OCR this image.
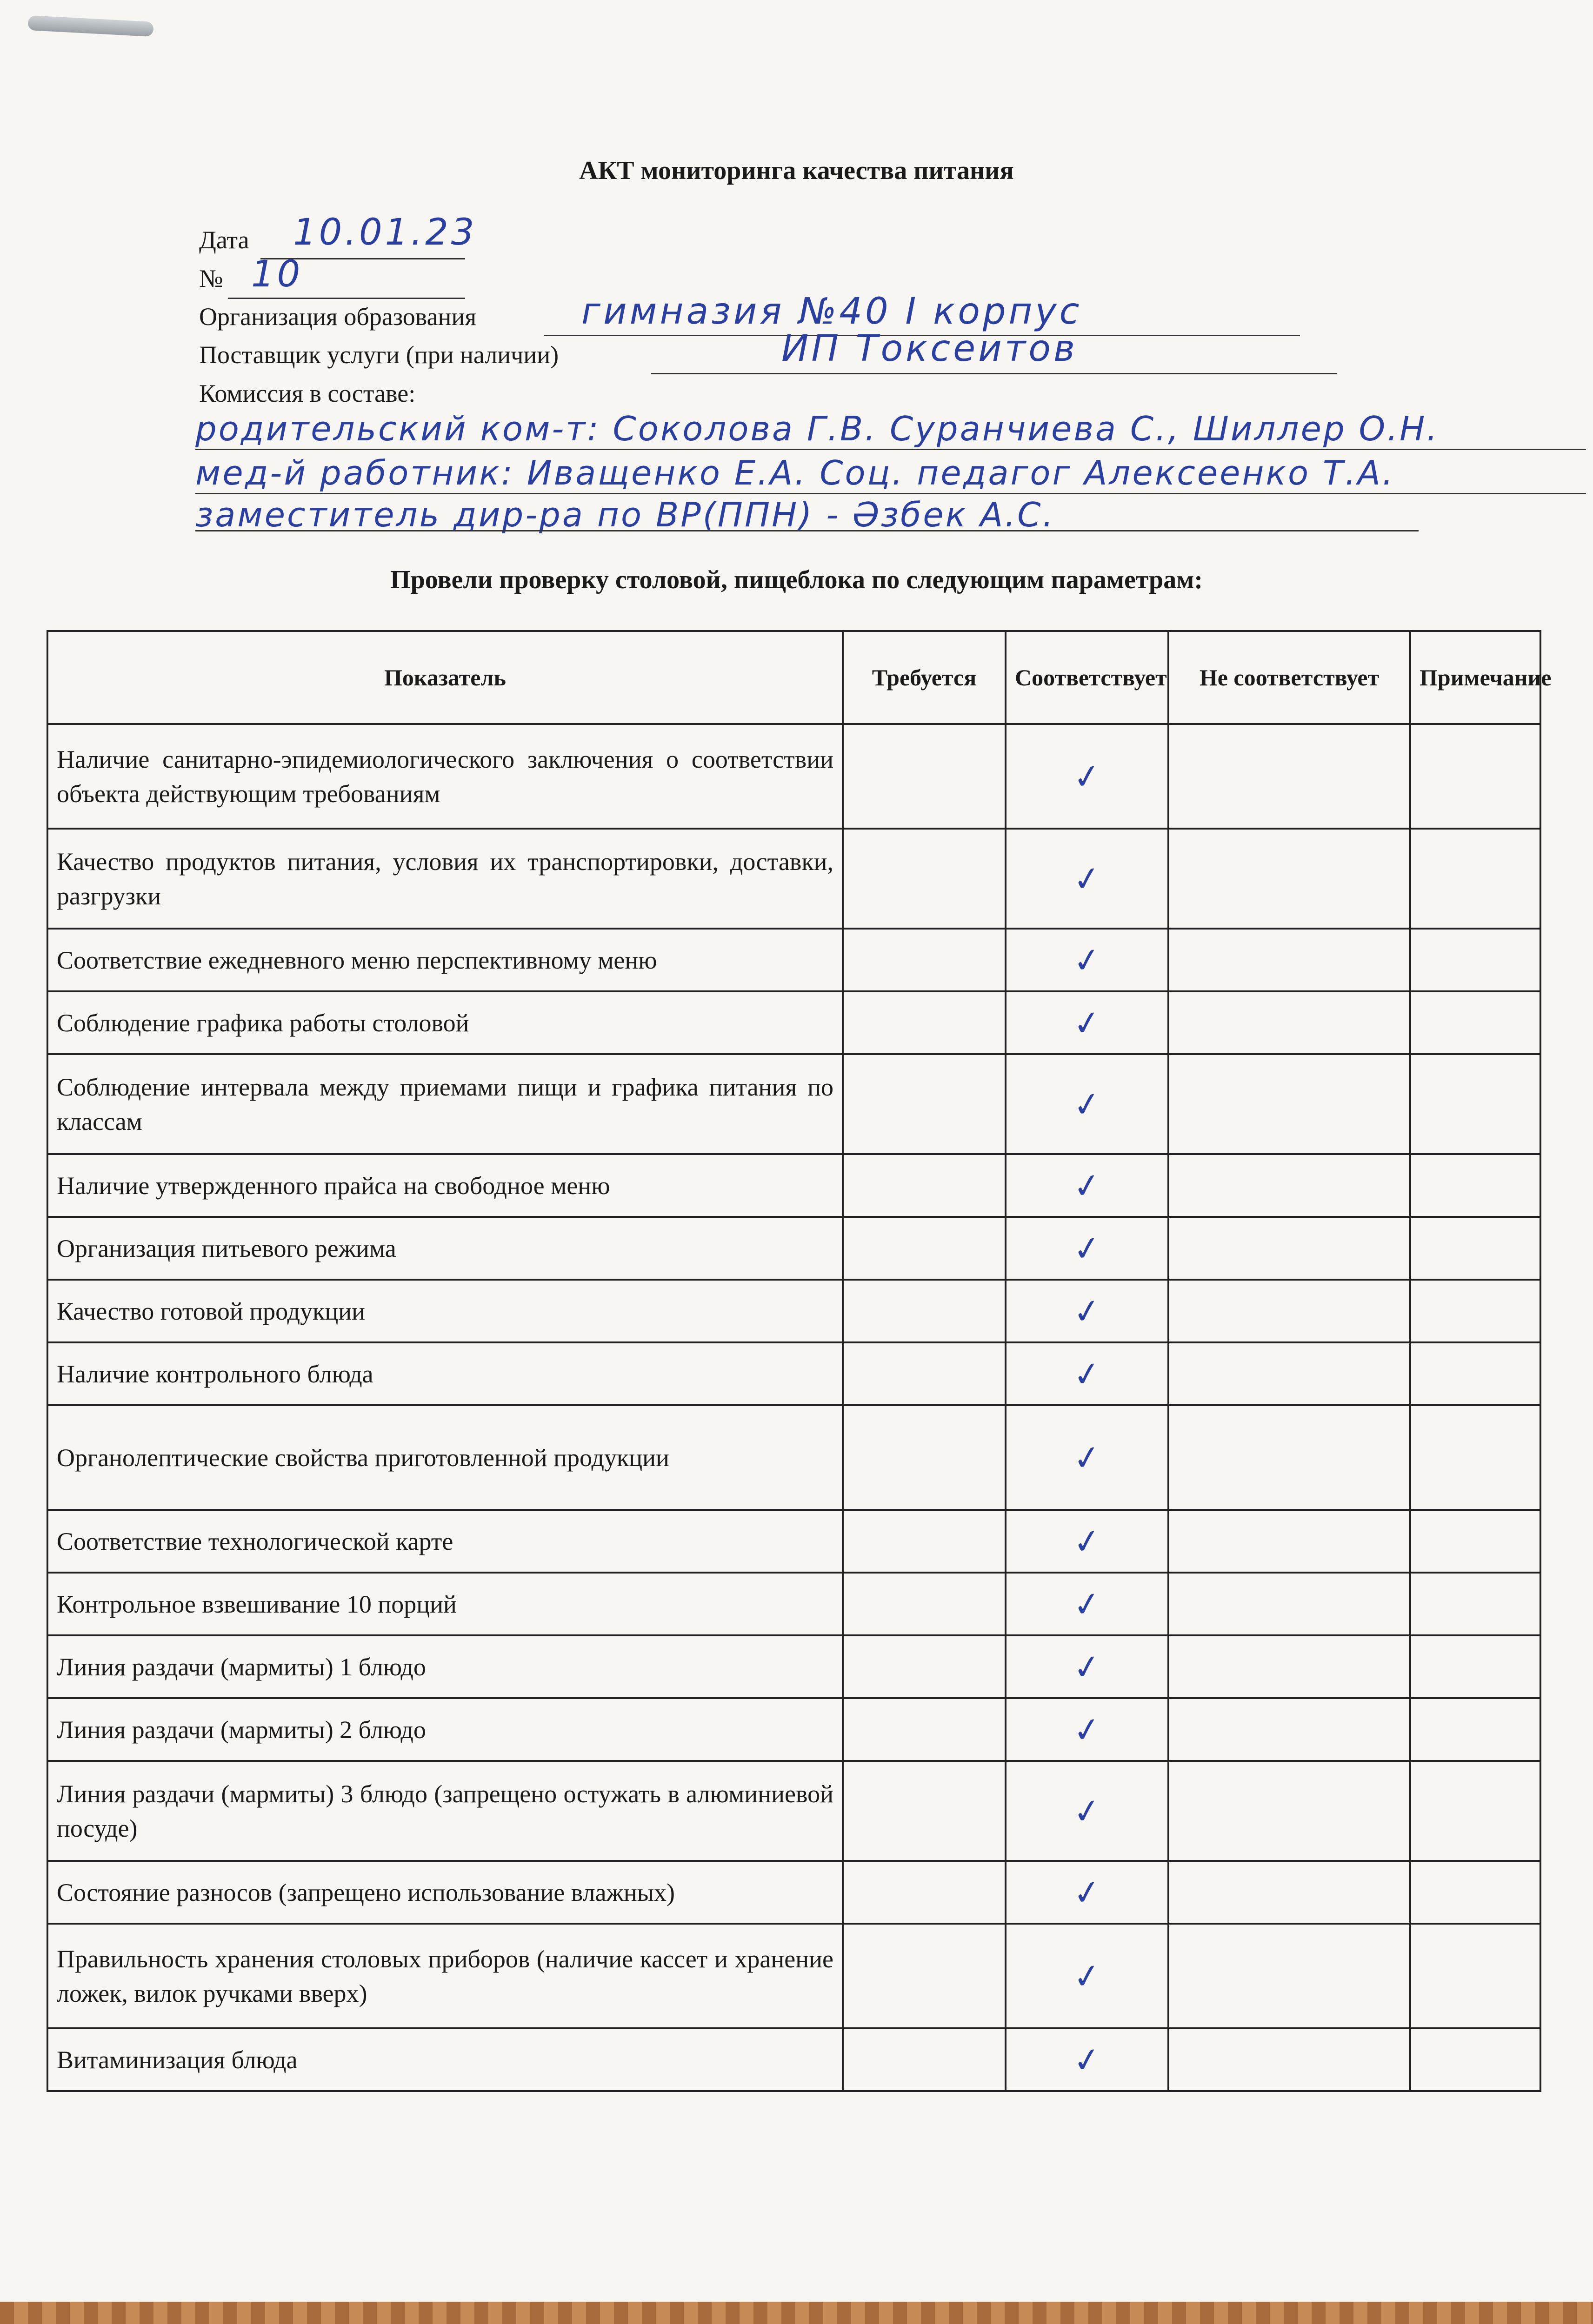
АКТ мониторинга качества питания
Дата 10.01.23
№ 10
Организация образования	гимназия №40 I корпус
Поставщик услуги (при наличии)	ИП Токсеитов
Комиссия в составе:
родительский ком-т: Соколова Г.В. Суранчиева С., Шиллер О.Н.
мед-й работник: Иващенко Е.А. Соц. педагог Алексеенко Т.А.
заместитель дир-ра по ВР(ППН) - Әзбек А.С.
Провели проверку столовой, пищеблока по следующим параметрам:
Показатель	Требуется	Соответствует	Не соответствует	Примечание
Наличие санитарно-эпидемиологического заключения о соответствии объекта действующим требованиям		✓		

Качество продуктов питания, условия их транспортировки, доставки, разгрузки		✓		

Соответствие ежедневного меню перспективному меню		✓		

Соблюдение графика работы столовой		✓		

Соблюдение интервала между приемами пищи и графика питания по классам		✓		

Наличие утвержденного прайса на свободное меню		✓		

Организация питьевого режима		✓		

Качество готовой продукции		✓		

Наличие контрольного блюда		✓		

Органолептические свойства приготовленной продукции		✓		

Соответствие технологической карте		✓		

Контрольное взвешивание 10 порций		✓		

Линия раздачи (мармиты) 1 блюдо		✓		

Линия раздачи (мармиты) 2 блюдо		✓		

Линия раздачи (мармиты) 3 блюдо (запрещено остужать в алюминиевой посуде)		✓		

Состояние разносов (запрещено использование влажных)		✓		

Правильность хранения столовых приборов (наличие кассет и хранение ложек, вилок ручками вверх)		✓		

Витаминизация блюда		✓		
